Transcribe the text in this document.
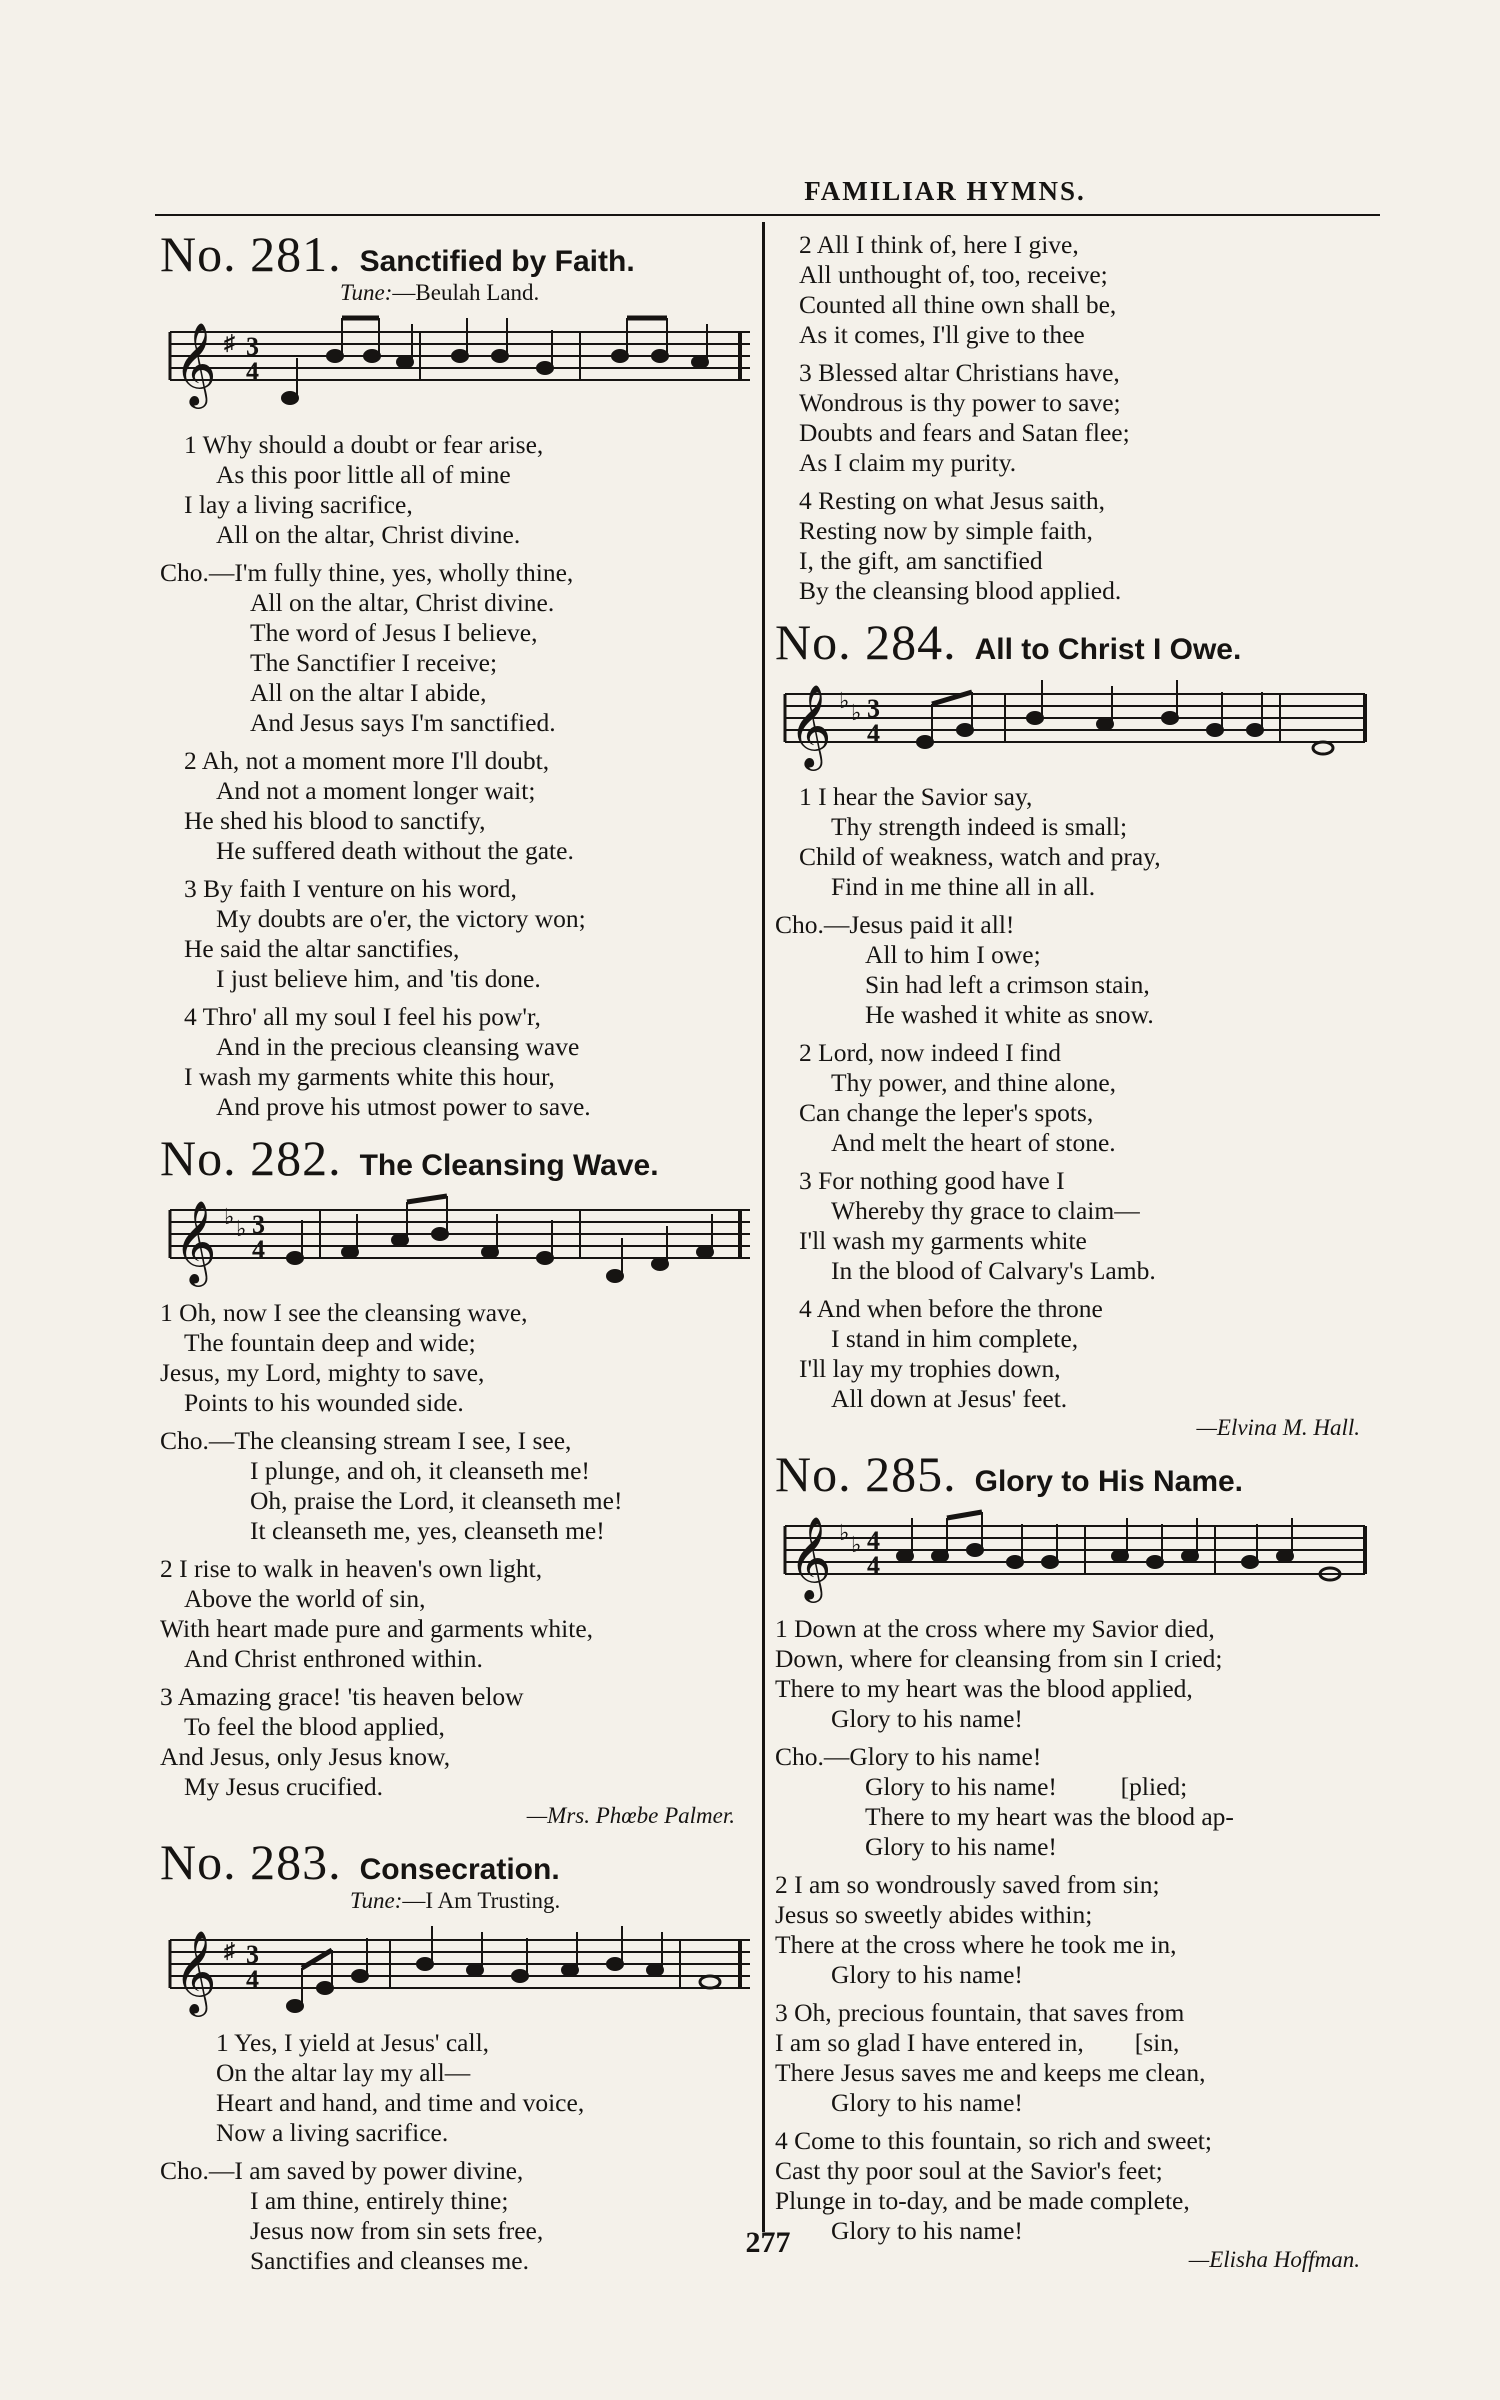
FAMILIAR HYMNS.
No. 281. Sanctified by Faith.
Tune:—Beulah Land.
𝄞 ♯ 3
4
1 Why should a doubt or fear arise,
As this poor little all of mine
I lay a living sacrifice,
All on the altar, Christ divine.
Cho.—I'm fully thine, yes, wholly thine,
All on the altar, Christ divine.
The word of Jesus I believe,
The Sanctifier I receive;
All on the altar I abide,
And Jesus says I'm sanctified.
2 Ah, not a moment more I'll doubt,
And not a moment longer wait;
He shed his blood to sanctify,
He suffered death without the gate.
3 By faith I venture on his word,
My doubts are o'er, the victory won;
He said the altar sanctifies,
I just believe him, and 'tis done.
4 Thro' all my soul I feel his pow'r,
And in the precious cleansing wave
I wash my garments white this hour,
And prove his utmost power to save.
No. 282. The Cleansing Wave.
𝄞 ♭ ♭ 3
4
1 Oh, now I see the cleansing wave,
The fountain deep and wide;
Jesus, my Lord, mighty to save,
Points to his wounded side.
Cho.—The cleansing stream I see, I see,
I plunge, and oh, it cleanseth me!
Oh, praise the Lord, it cleanseth me!
It cleanseth me, yes, cleanseth me!
2 I rise to walk in heaven's own light,
Above the world of sin,
With heart made pure and garments white,
And Christ enthroned within.
3 Amazing grace! 'tis heaven below
To feel the blood applied,
And Jesus, only Jesus know,
My Jesus crucified.
—Mrs. Phœbe Palmer.
No. 283. Consecration.
Tune:—I Am Trusting.
𝄞 ♯ 3
4
1 Yes, I yield at Jesus' call,
On the altar lay my all—
Heart and hand, and time and voice,
Now a living sacrifice.
Cho.—I am saved by power divine,
I am thine, entirely thine;
Jesus now from sin sets free,
Sanctifies and cleanses me.
2 All I think of, here I give,
All unthought of, too, receive;
Counted all thine own shall be,
As it comes, I'll give to thee
3 Blessed altar Christians have,
Wondrous is thy power to save;
Doubts and fears and Satan flee;
As I claim my purity.
4 Resting on what Jesus saith,
Resting now by simple faith,
I, the gift, am sanctified
By the cleansing blood applied.
No. 284. All to Christ I Owe.
𝄞 ♭ ♭ 3
4
1 I hear the Savior say,
Thy strength indeed is small;
Child of weakness, watch and pray,
Find in me thine all in all.
Cho.—Jesus paid it all!
All to him I owe;
Sin had left a crimson stain,
He washed it white as snow.
2 Lord, now indeed I find
Thy power, and thine alone,
Can change the leper's spots,
And melt the heart of stone.
3 For nothing good have I
Whereby thy grace to claim—
I'll wash my garments white
In the blood of Calvary's Lamb.
4 And when before the throne
I stand in him complete,
I'll lay my trophies down,
All down at Jesus' feet.
—Elvina M. Hall.
No. 285. Glory to His Name.
𝄞 ♭ ♭ 4
4
1 Down at the cross where my Savior died,
Down, where for cleansing from sin I cried;
There to my heart was the blood applied,
Glory to his name!
Cho.—Glory to his name!
Glory to his name!          [plied;
There to my heart was the blood ap-
Glory to his name!
2 I am so wondrously saved from sin;
Jesus so sweetly abides within;
There at the cross where he took me in,
Glory to his name!
3 Oh, precious fountain, that saves from
I am so glad I have entered in,        [sin,
There Jesus saves me and keeps me clean,
Glory to his name!
4 Come to this fountain, so rich and sweet;
Cast thy poor soul at the Savior's feet;
Plunge in to-day, and be made complete,
Glory to his name!
—Elisha Hoffman.
277
